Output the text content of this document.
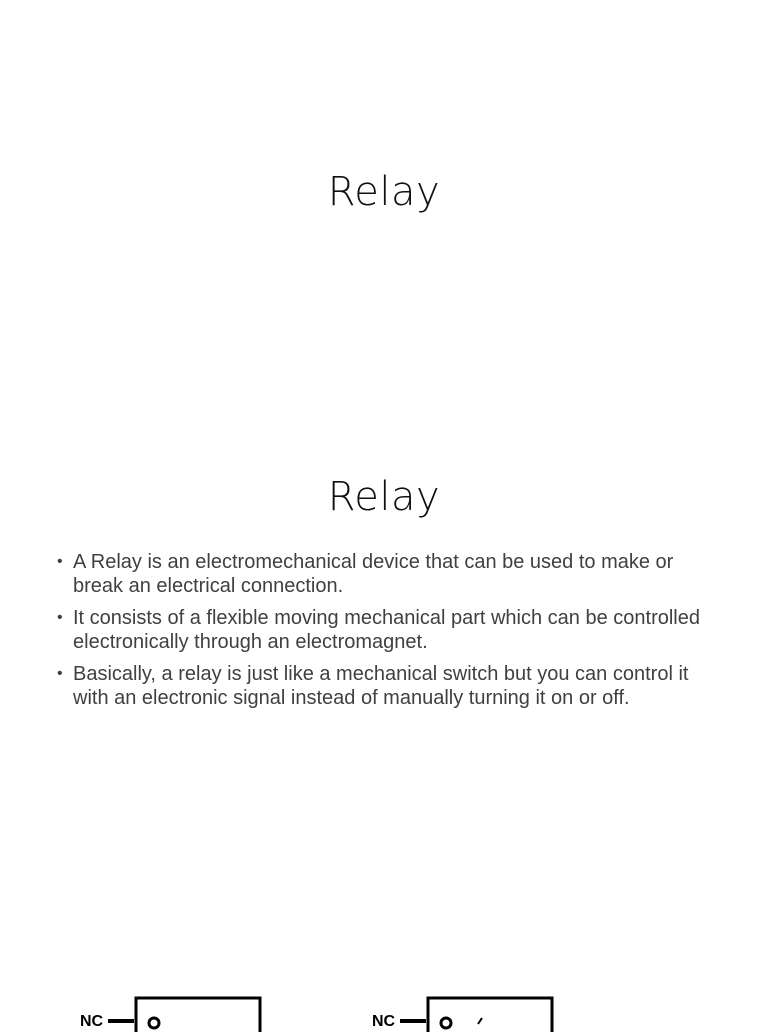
Relay
Relay
• A Relay is an electromechanical device that can be used to make or break an electrical connection.
• It consists of a flexible moving mechanical part which can be controlled electronically through an electromagnet.
• Basically, a relay is just like a mechanical switch but you can control it with an electronic signal instead of manually turning it on or off.
NC	NC
